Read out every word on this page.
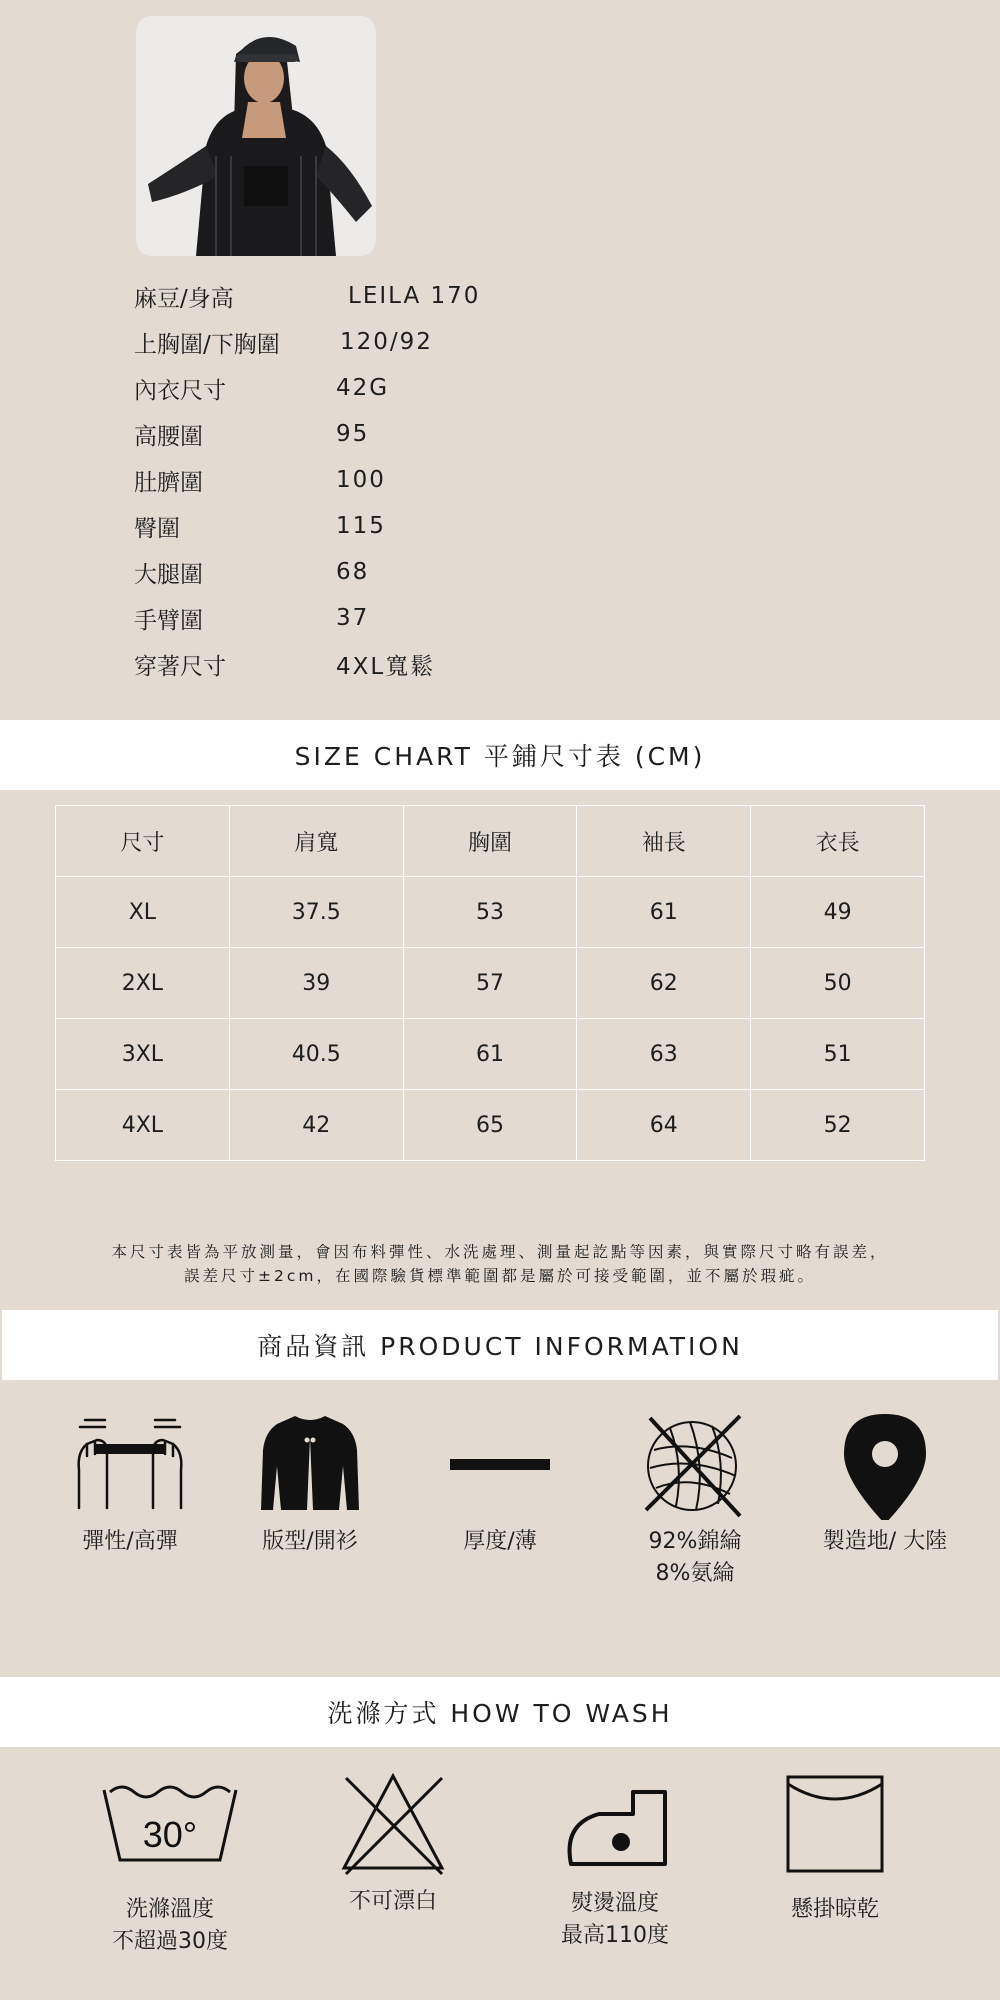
麻豆/身高	LEILA 170
上胸圍/下胸圍	120/92
內衣尺寸	42G
高腰圍	95
肚臍圍	100
臀圍	115
大腿圍	68
手臂圍	37
穿著尺寸	4XL寬鬆
SIZE CHART 平鋪尺寸表 (CM)
尺寸	肩寬	胸圍	袖長	衣長
XL	37.5	53	61	49
2XL	39	57	62	50
3XL	40.5	61	63	51
4XL	42	65	64	52
本尺寸表皆為平放測量，會因布料彈性、水洗處理、測量起訖點等因素，與實際尺寸略有誤差，
誤差尺寸±2cm，在國際驗貨標準範圍都是屬於可接受範圍，並不屬於瑕疵。
商品資訊 PRODUCT INFORMATION
彈性/高彈	版型/開衫	厚度/薄	92%錦綸
8%氨綸
製造地/ 大陸
洗滌方式 HOW TO WASH
30°
洗滌溫度
不超過30度
不可漂白	熨燙溫度
最高110度
懸掛晾乾
